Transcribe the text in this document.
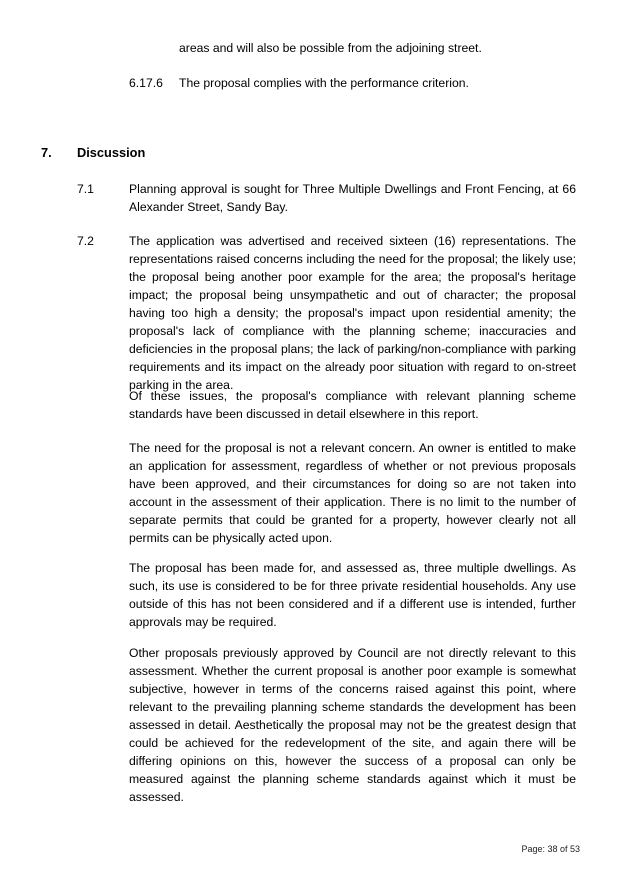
areas and will also be possible from the adjoining street.
6.17.6 The proposal complies with the performance criterion.
7. Discussion
7.1	Planning approval is sought for Three Multiple Dwellings and Front Fencing, at 66 Alexander Street, Sandy Bay.
7.2	The application was advertised and received sixteen (16) representations. The representations raised concerns including the need for the proposal; the likely use; the proposal being another poor example for the area; the proposal's heritage impact; the proposal being unsympathetic and out of character; the proposal having too high a density; the proposal's impact upon residential amenity; the proposal's lack of compliance with the planning scheme; inaccuracies and deficiencies in the proposal plans; the lack of parking/non-compliance with parking requirements and its impact on the already poor situation with regard to on-street parking in the area.
Of these issues, the proposal's compliance with relevant planning scheme standards have been discussed in detail elsewhere in this report.
The need for the proposal is not a relevant concern. An owner is entitled to make an application for assessment, regardless of whether or not previous proposals have been approved, and their circumstances for doing so are not taken into account in the assessment of their application. There is no limit to the number of separate permits that could be granted for a property, however clearly not all permits can be physically acted upon.
The proposal has been made for, and assessed as, three multiple dwellings. As such, its use is considered to be for three private residential households. Any use outside of this has not been considered and if a different use is intended, further approvals may be required.
Other proposals previously approved by Council are not directly relevant to this assessment. Whether the current proposal is another poor example is somewhat subjective, however in terms of the concerns raised against this point, where relevant to the prevailing planning scheme standards the development has been assessed in detail. Aesthetically the proposal may not be the greatest design that could be achieved for the redevelopment of the site, and again there will be differing opinions on this, however the success of a proposal can only be measured against the planning scheme standards against which it must be assessed.
Page: 38 of 53
